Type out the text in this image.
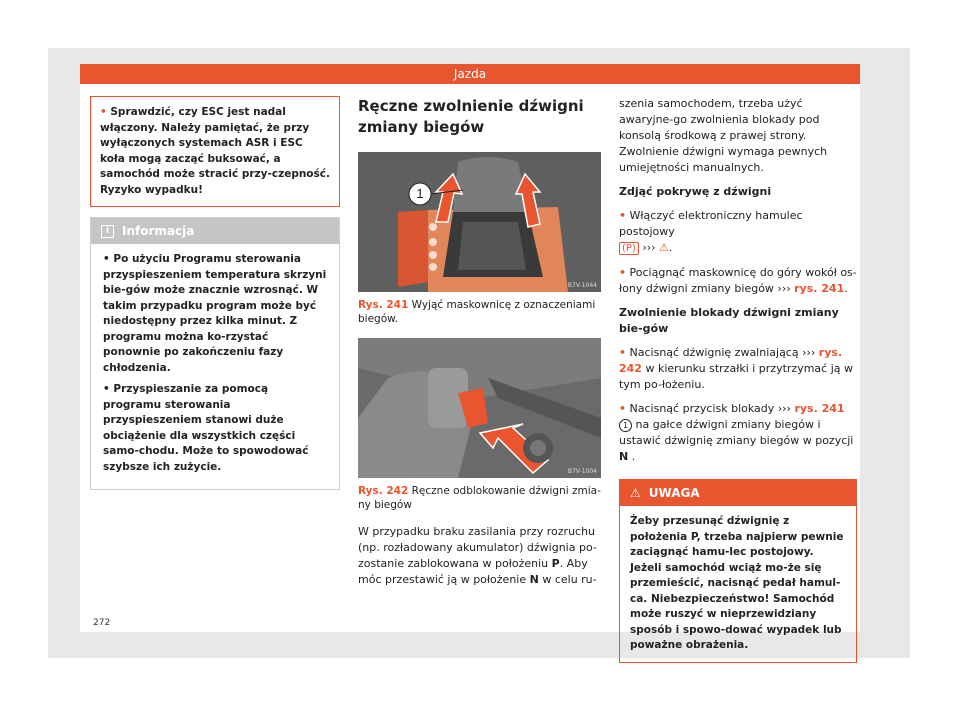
Jazda
• Sprawdzić, czy ESC jest nadal włączony. Należy pamiętać, że przy wyłączonych systemach ASR i ESC koła mogą zacząć buksować, a samochód może stracić przy-czepność. Ryzyko wypadku!
i	Informacja

• Po użyciu Programu sterowania przyspieszeniem temperatura skrzyni bie-gów może znacznie wzrosnąć. W takim przypadku program może być niedostępny przez kilka minut. Z programu można ko-rzystać ponownie po zakończeniu fazy chłodzenia.

• Przyspieszanie za pomocą programu sterowania przyspieszeniem stanowi duże obciążenie dla wszystkich części samo-chodu. Może to spowodować szybsze ich zużycie.

Ręczne zwolnienie dźwigni zmiany biegów
1
B7V-1044
Rys. 241 Wyjąć maskownicę z oznaczeniami biegów.
B7V-1004
Rys. 242 Ręczne odblokowanie dźwigni zmia-ny biegów

W przypadku braku zasilania przy rozruchu (np. rozładowany akumulator) dźwignia po-zostanie zablokowana w położeniu P. Aby móc przestawić ją w położenie N w celu ru-

szenia samochodem, trzeba użyć awaryjne-go zwolnienia blokady pod konsolą środkową z prawej strony. Zwolnienie dźwigni wymaga pewnych umiejętności manualnych.

Zdjąć pokrywę z dźwigni

• Włączyć elektroniczny hamulec postojowy
(P) ››› ⚠.

• Pociągnąć maskownicę do góry wokół os-łony dźwigni zmiany biegów ››› rys. 241.

Zwolnienie blokady dźwigni zmiany bie-gów

• Nacisnąć dźwignię zwalniającą ››› rys. 242 w kierunku strzałki i przytrzymać ją w tym po-łożeniu.

• Nacisnąć przycisk blokady ››› rys. 241 1 na gałce dźwigni zmiany biegów i ustawić dźwignię zmiany biegów w pozycji N .

⚠ UWAGA
Żeby przesunąć dźwignię z położenia P, trzeba najpierw pewnie zaciągnąć hamu-lec postojowy. Jeżeli samochód wciąż mo-że się przemieścić, nacisnąć pedał hamul-ca. Niebezpieczeństwo! Samochód może ruszyć w nieprzewidziany sposób i spowo-dować wypadek lub poważne obrażenia.
272
